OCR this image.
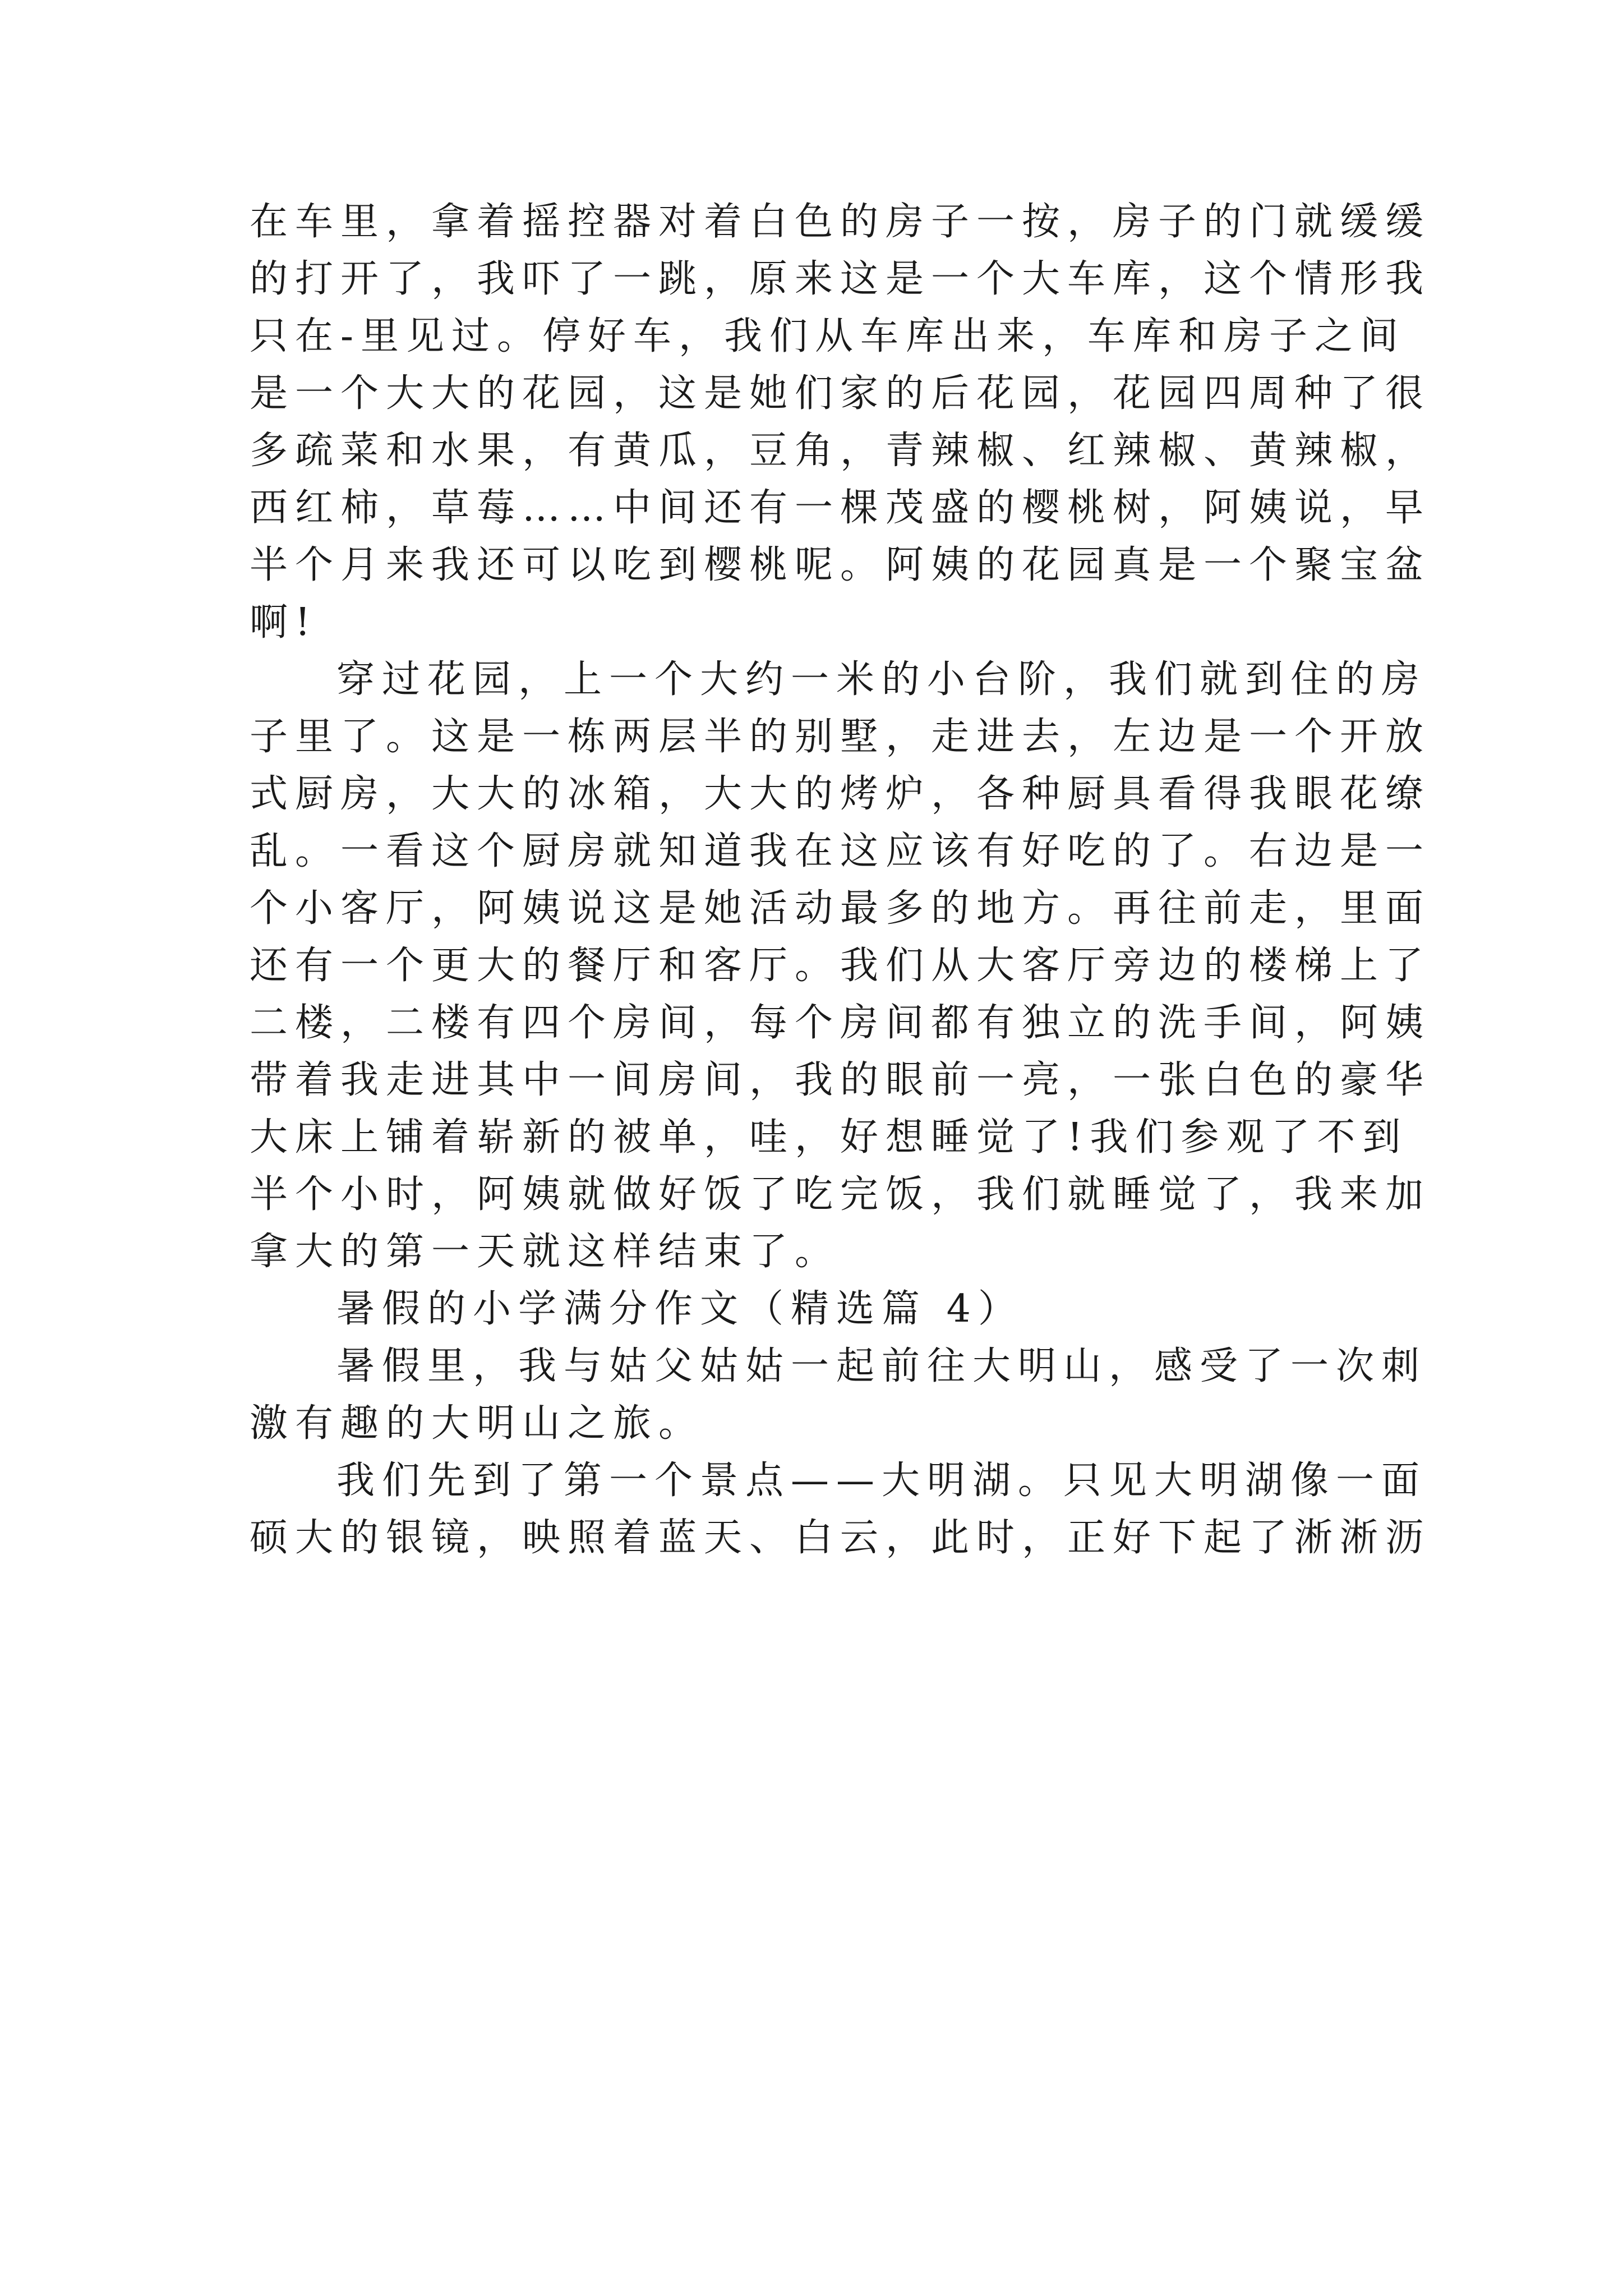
在车里，拿着摇控器对着白色的房子一按，房子的门就缓缓
的打开了，我吓了一跳，原来这是一个大车库，这个情形我
只在-里见过。停好车，我们从车库出来，车库和房子之间
是一个大大的花园，这是她们家的后花园，花园四周种了很
多疏菜和水果，有黄瓜，豆角，青辣椒、红辣椒、黄辣椒，
西红柿，草莓……中间还有一棵茂盛的樱桃树，阿姨说，早
半个月来我还可以吃到樱桃呢。阿姨的花园真是一个聚宝盆
啊!
穿过花园，上一个大约一米的小台阶，我们就到住的房
子里了。这是一栋两层半的别墅，走进去，左边是一个开放
式厨房，大大的冰箱，大大的烤炉，各种厨具看得我眼花缭
乱。一看这个厨房就知道我在这应该有好吃的了。右边是一
个小客厅，阿姨说这是她活动最多的地方。再往前走，里面
还有一个更大的餐厅和客厅。我们从大客厅旁边的楼梯上了
二楼，二楼有四个房间，每个房间都有独立的洗手间，阿姨
带着我走进其中一间房间，我的眼前一亮，一张白色的豪华
大床上铺着崭新的被单，哇，好想睡觉了!我们参观了不到
半个小时，阿姨就做好饭了吃完饭，我们就睡觉了，我来加
拿大的第一天就这样结束了。
暑假的小学满分作文（精选篇 4）
暑假里，我与姑父姑姑一起前往大明山，感受了一次刺
激有趣的大明山之旅。
我们先到了第一个景点——大明湖。只见大明湖像一面
硕大的银镜，映照着蓝天、白云，此时，正好下起了淅淅沥
